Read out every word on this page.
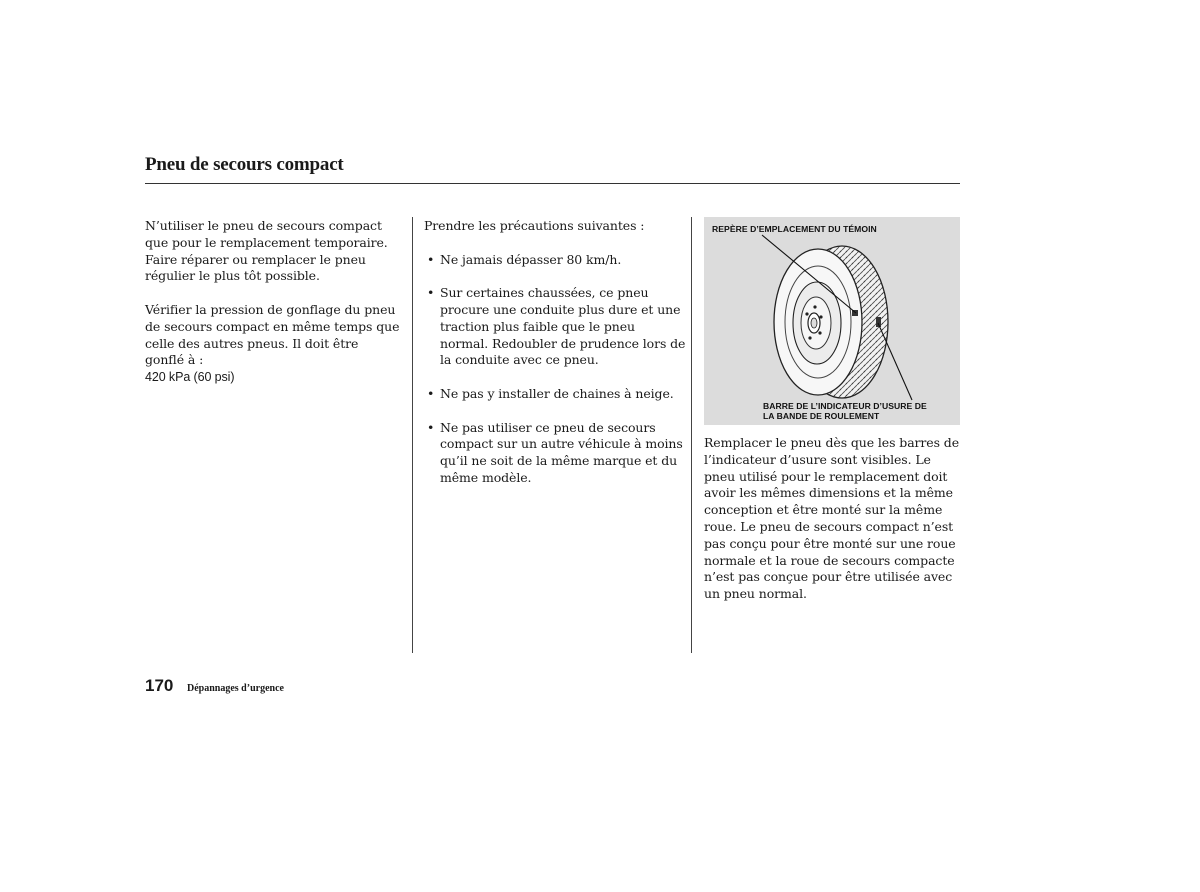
Pneu de secours compact

N’utiliser le pneu de secours compact que pour le remplacement temporaire. Faire réparer ou remplacer le pneu régulier le plus tôt possible.

Vérifier la pression de gonflage du pneu de secours compact en même temps que celle des autres pneus. Il doit être gonflé à :

420 kPa (60 psi)

Prendre les précautions suivantes :

• Ne jamais dépasser 80 km/h.
• Sur certaines chaussées, ce pneu procure une conduite plus dure et une traction plus faible que le pneu normal. Redoubler de prudence lors de la conduite avec ce pneu.
• Ne pas y installer de chaines à neige.
• Ne pas utiliser ce pneu de secours compact sur un autre véhicule à moins qu’il ne soit de la même marque et du même modèle.
REPÈRE D’EMPLACEMENT DU TÉMOIN
BARRE DE L’INDICATEUR D’USURE DE
LA BANDE DE ROULEMENT

Remplacer le pneu dès que les barres de l’indicateur d’usure sont visibles. Le pneu utilisé pour le remplacement doit avoir les mêmes dimensions et la même conception et être monté sur la même roue. Le pneu de secours compact n’est pas conçu pour être monté sur une roue normale et la roue de secours compacte n’est pas conçue pour être utilisée avec un pneu normal.

170 Dépannages d’urgence
